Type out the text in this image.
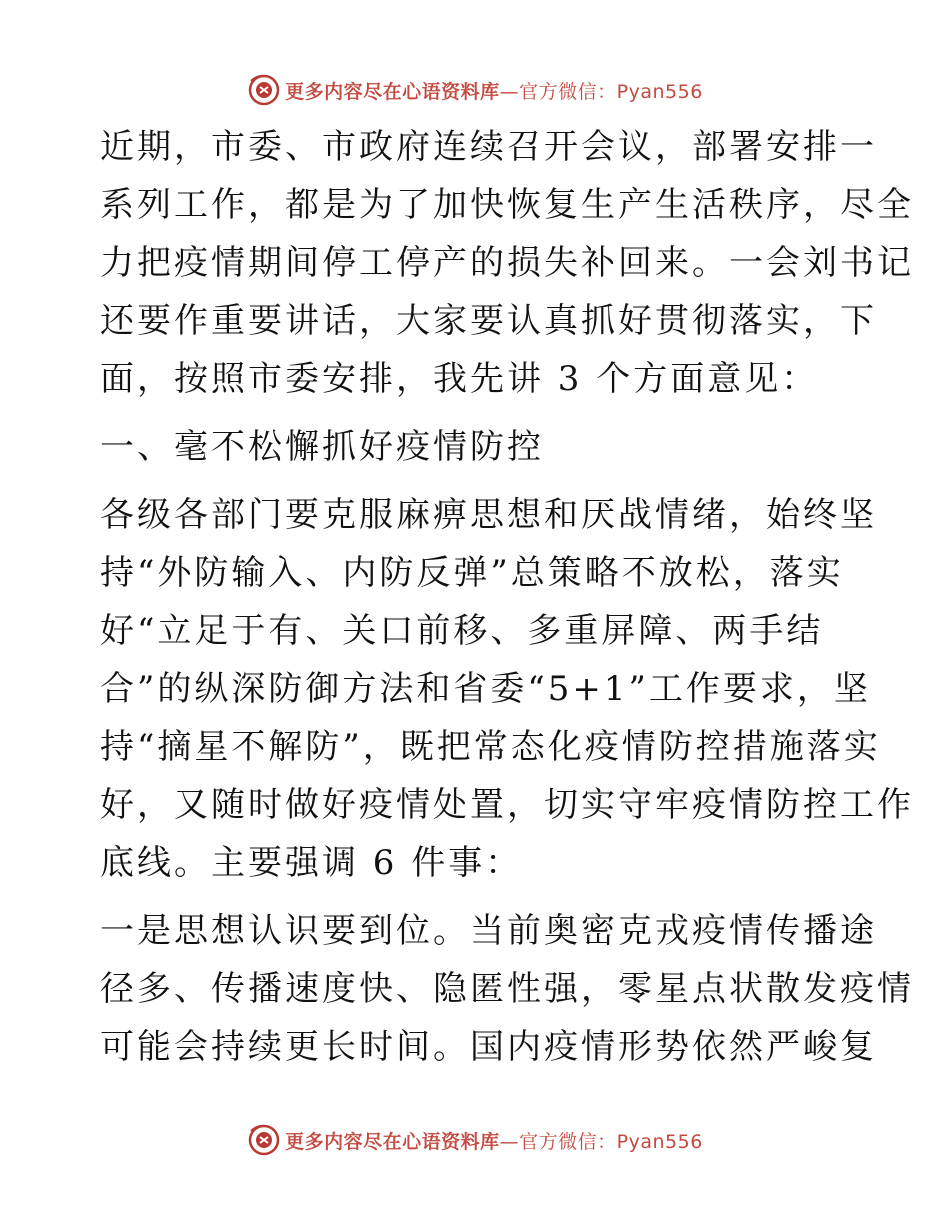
更多内容尽在心语资料库—官方微信：Pyan556

近期，市委、市政府连续召开会议，部署安排一
系列工作，都是为了加快恢复生产生活秩序，尽全
力把疫情期间停工停产的损失补回来。一会刘书记
还要作重要讲话，大家要认真抓好贯彻落实，下
面，按照市委安排，我先讲 3 个方面意见：

一、毫不松懈抓好疫情防控

各级各部门要克服麻痹思想和厌战情绪，始终坚
持“外防输入、内防反弹”总策略不放松，落实
好“立足于有、关口前移、多重屏障、两手结
合”的纵深防御方法和省委“5+1”工作要求，坚
持“摘星不解防”，既把常态化疫情防控措施落实
好，又随时做好疫情处置，切实守牢疫情防控工作
底线。主要强调 6 件事：

一是思想认识要到位。当前奥密克戎疫情传播途
径多、传播速度快、隐匿性强，零星点状散发疫情
可能会持续更长时间。国内疫情形势依然严峻复

更多内容尽在心语资料库—官方微信：Pyan556
